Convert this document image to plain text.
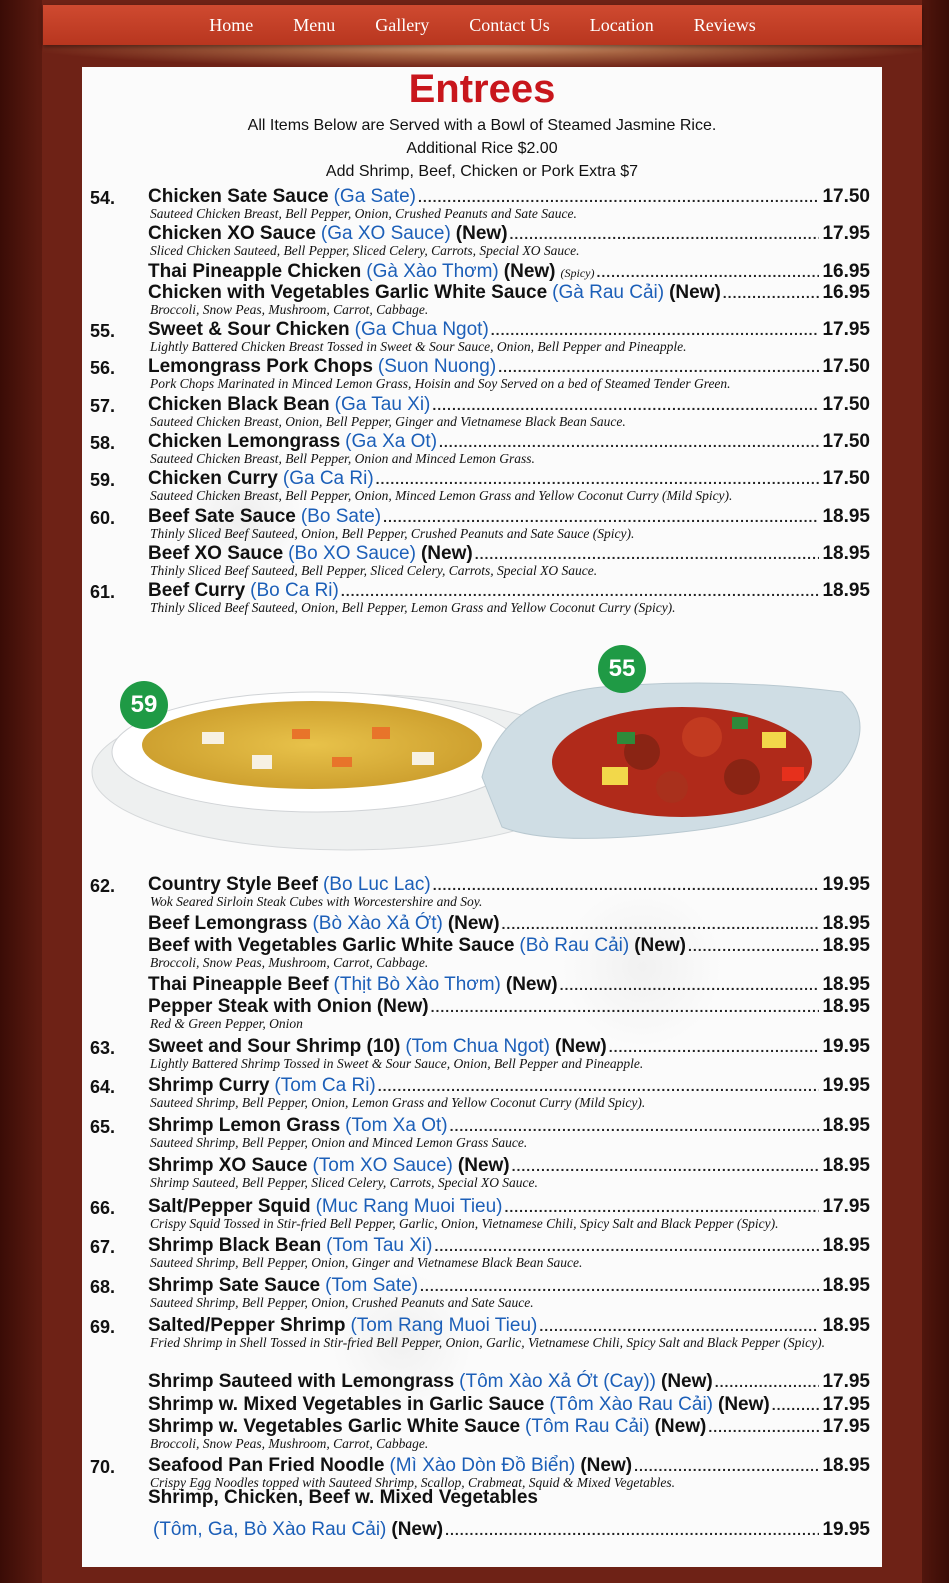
Home Menu Gallery Contact Us Location Reviews
Entrees
All Items Below are Served with a Bowl of Steamed Jasmine Rice.
Additional Rice $2.00
Add Shrimp, Beef, Chicken or Pork Extra $7
54. Chicken Sate Sauce (Ga Sate) .....	17.50
Sauteed Chicken Breast, Bell Pepper, Onion, Crushed Peanuts and Sate Sauce.
Chicken XO Sauce (Ga XO Sauce) (New) .....	17.95
Sliced Chicken Sauteed, Bell Pepper, Sliced Celery, Carrots, Special XO Sauce.
Thai Pineapple Chicken (Gà Xào Thơm) (New) (Spicy) .....	16.95
Chicken with Vegetables Garlic White Sauce (Gà Rau Cải) (New) .....	16.95
Broccoli, Snow Peas, Mushroom, Carrot, Cabbage.
55. Sweet & Sour Chicken (Ga Chua Ngot) .....	17.95
Lightly Battered Chicken Breast Tossed in Sweet & Sour Sauce, Onion, Bell Pepper and Pineapple.
56. Lemongrass Pork Chops (Suon Nuong) .....	17.50
Pork Chops Marinated in Minced Lemon Grass, Hoisin and Soy Served on a bed of Steamed Tender Green.
57. Chicken Black Bean (Ga Tau Xi) .....	17.50
Sauteed Chicken Breast, Onion, Bell Pepper, Ginger and Vietnamese Black Bean Sauce.
58. Chicken Lemongrass (Ga Xa Ot) .....	17.50
Sauteed Chicken Breast, Bell Pepper, Onion and Minced Lemon Grass.
59. Chicken Curry (Ga Ca Ri) .....	17.50
Sauteed Chicken Breast, Bell Pepper, Onion, Minced Lemon Grass and Yellow Coconut Curry (Mild Spicy).
60. Beef Sate Sauce (Bo Sate) .....	18.95
Thinly Sliced Beef Sauteed, Onion, Bell Pepper, Crushed Peanuts and Sate Sauce (Spicy).
Beef XO Sauce (Bo XO Sauce) (New) .....	18.95
Thinly Sliced Beef Sauteed, Bell Pepper, Sliced Celery, Carrots, Special XO Sauce.
61. Beef Curry (Bo Ca Ri) .....	18.95
Thinly Sliced Beef Sauteed, Onion, Bell Pepper, Lemon Grass and Yellow Coconut Curry (Spicy).
59
55
62. Country Style Beef (Bo Luc Lac) .....	19.95
Wok Seared Sirloin Steak Cubes with Worcestershire and Soy.
Beef Lemongrass (Bò Xào Xả Ớt) (New) .....	18.95
Beef with Vegetables Garlic White Sauce (Bò Rau Cải) (New) .....	18.95
Broccoli, Snow Peas, Mushroom, Carrot, Cabbage.
Thai Pineapple Beef (Thịt Bò Xào Thơm) (New) .....	18.95
Pepper Steak with Onion (New) .....	18.95
Red & Green Pepper, Onion
63. Sweet and Sour Shrimp (10) (Tom Chua Ngot) (New) .....	19.95
Lightly Battered Shrimp Tossed in Sweet & Sour Sauce, Onion, Bell Pepper and Pineapple.
64. Shrimp Curry (Tom Ca Ri) .....	19.95
Sauteed Shrimp, Bell Pepper, Onion, Lemon Grass and Yellow Coconut Curry (Mild Spicy).
65. Shrimp Lemon Grass (Tom Xa Ot) .....	18.95
Sauteed Shrimp, Bell Pepper, Onion and Minced Lemon Grass Sauce.
Shrimp XO Sauce (Tom XO Sauce) (New) .....	18.95
Shrimp Sauteed, Bell Pepper, Sliced Celery, Carrots, Special XO Sauce.
66. Salt/Pepper Squid (Muc Rang Muoi Tieu) .....	17.95
Crispy Squid Tossed in Stir-fried Bell Pepper, Garlic, Onion, Vietnamese Chili, Spicy Salt and Black Pepper (Spicy).
67. Shrimp Black Bean (Tom Tau Xi) .....	18.95
Sauteed Shrimp, Bell Pepper, Onion, Ginger and Vietnamese Black Bean Sauce.
68. Shrimp Sate Sauce (Tom Sate) .....	18.95
Sauteed Shrimp, Bell Pepper, Onion, Crushed Peanuts and Sate Sauce.
69. Salted/Pepper Shrimp (Tom Rang Muoi Tieu) .....	18.95
Fried Shrimp in Shell Tossed in Stir-fried Bell Pepper, Onion, Garlic, Vietnamese Chili, Spicy Salt and Black Pepper (Spicy).
Shrimp Sauteed with Lemongrass (Tôm Xào Xả Ớt (Cay)) (New) .....	17.95
Shrimp w. Mixed Vegetables in Garlic Sauce (Tôm Xào Rau Cải) (New) .....	17.95
Shrimp w. Vegetables Garlic White Sauce (Tôm Rau Cải) (New) .....	17.95
Broccoli, Snow Peas, Mushroom, Carrot, Cabbage.
70. Seafood Pan Fried Noodle (Mì Xào Dòn Đồ Biển) (New) .....	18.95
Crispy Egg Noodles topped with Sauteed Shrimp, Scallop, Crabmeat, Squid & Mixed Vegetables.
Shrimp, Chicken, Beef w. Mixed Vegetables
(Tôm, Ga, Bò Xào Rau Cải) (New) .....	19.95
